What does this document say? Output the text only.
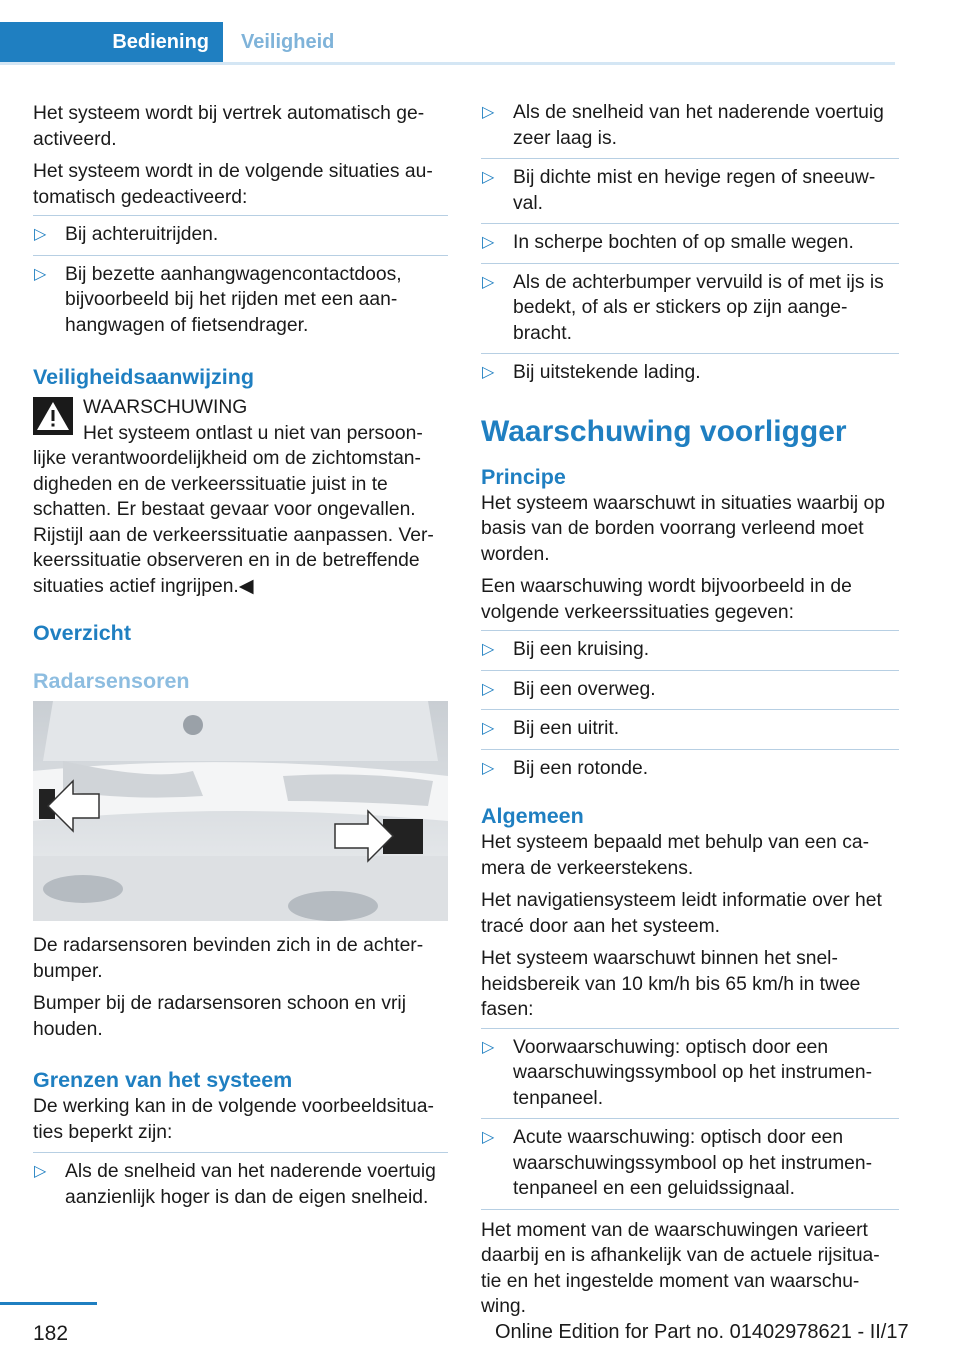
Bediening Veiligheid

Het systeem wordt bij vertrek automatisch ge‐activeerd.

Het systeem wordt in de volgende situaties au‐tomatisch gedeactiveerd:

▷ Bij achteruitrijden.
▷ Bij bezette aanhangwagencontactdoos, bijvoorbeeld bij het rijden met een aan‐hangwagen of fietsendrager.
Veiligheidsaanwijzing
WAARSCHUWING
Het systeem ontlast u niet van persoon‐lijke verantwoordelijkheid om de zichtomstan‐digheden en de verkeerssituatie juist in te schatten. Er bestaat gevaar voor ongevallen. Rijstijl aan de verkeerssituatie aanpassen. Ver‐keerssituatie observeren en in de betreffende situaties actief ingrijpen.◀
Overzicht
Radarsensoren

De radarsensoren bevinden zich in de achter‐bumper.

Bumper bij de radarsensoren schoon en vrij houden.

Grenzen van het systeem

De werking kan in de volgende voorbeeldsitua‐ties beperkt zijn:

▷ Als de snelheid van het naderende voertuig aanzienlijk hoger is dan de eigen snelheid.
▷ Als de snelheid van het naderende voertuig zeer laag is.
▷ Bij dichte mist en hevige regen of sneeuw‐val.
▷ In scherpe bochten of op smalle wegen.
▷ Als de achterbumper vervuild is of met ijs is bedekt, of als er stickers op zijn aange‐bracht.
▷ Bij uitstekende lading.
Waarschuwing voorligger
Principe

Het systeem waarschuwt in situaties waarbij op basis van de borden voorrang verleend moet worden.

Een waarschuwing wordt bijvoorbeeld in de volgende verkeerssituaties gegeven:

▷ Bij een kruising.
▷ Bij een overweg.
▷ Bij een uitrit.
▷ Bij een rotonde.
Algemeen

Het systeem bepaald met behulp van een ca‐mera de verkeerstekens.

Het navigatiensysteem leidt informatie over het tracé door aan het systeem.

Het systeem waarschuwt binnen het snel‐heidsbereik van 10 km/h bis 65 km/h in twee fasen:

▷ Voorwaarschuwing: optisch door een waarschuwingssymbool op het instrumen‐tenpaneel.
▷ Acute waarschuwing: optisch door een waarschuwingssymbool op het instrumen‐tenpaneel en een geluidssignaal.

Het moment van de waarschuwingen varieert daarbij en is afhankelijk van de actuele rijsitua‐tie en het ingestelde moment van waarschu‐wing.

182	Online Edition for Part no. 01402978621 - II/17
